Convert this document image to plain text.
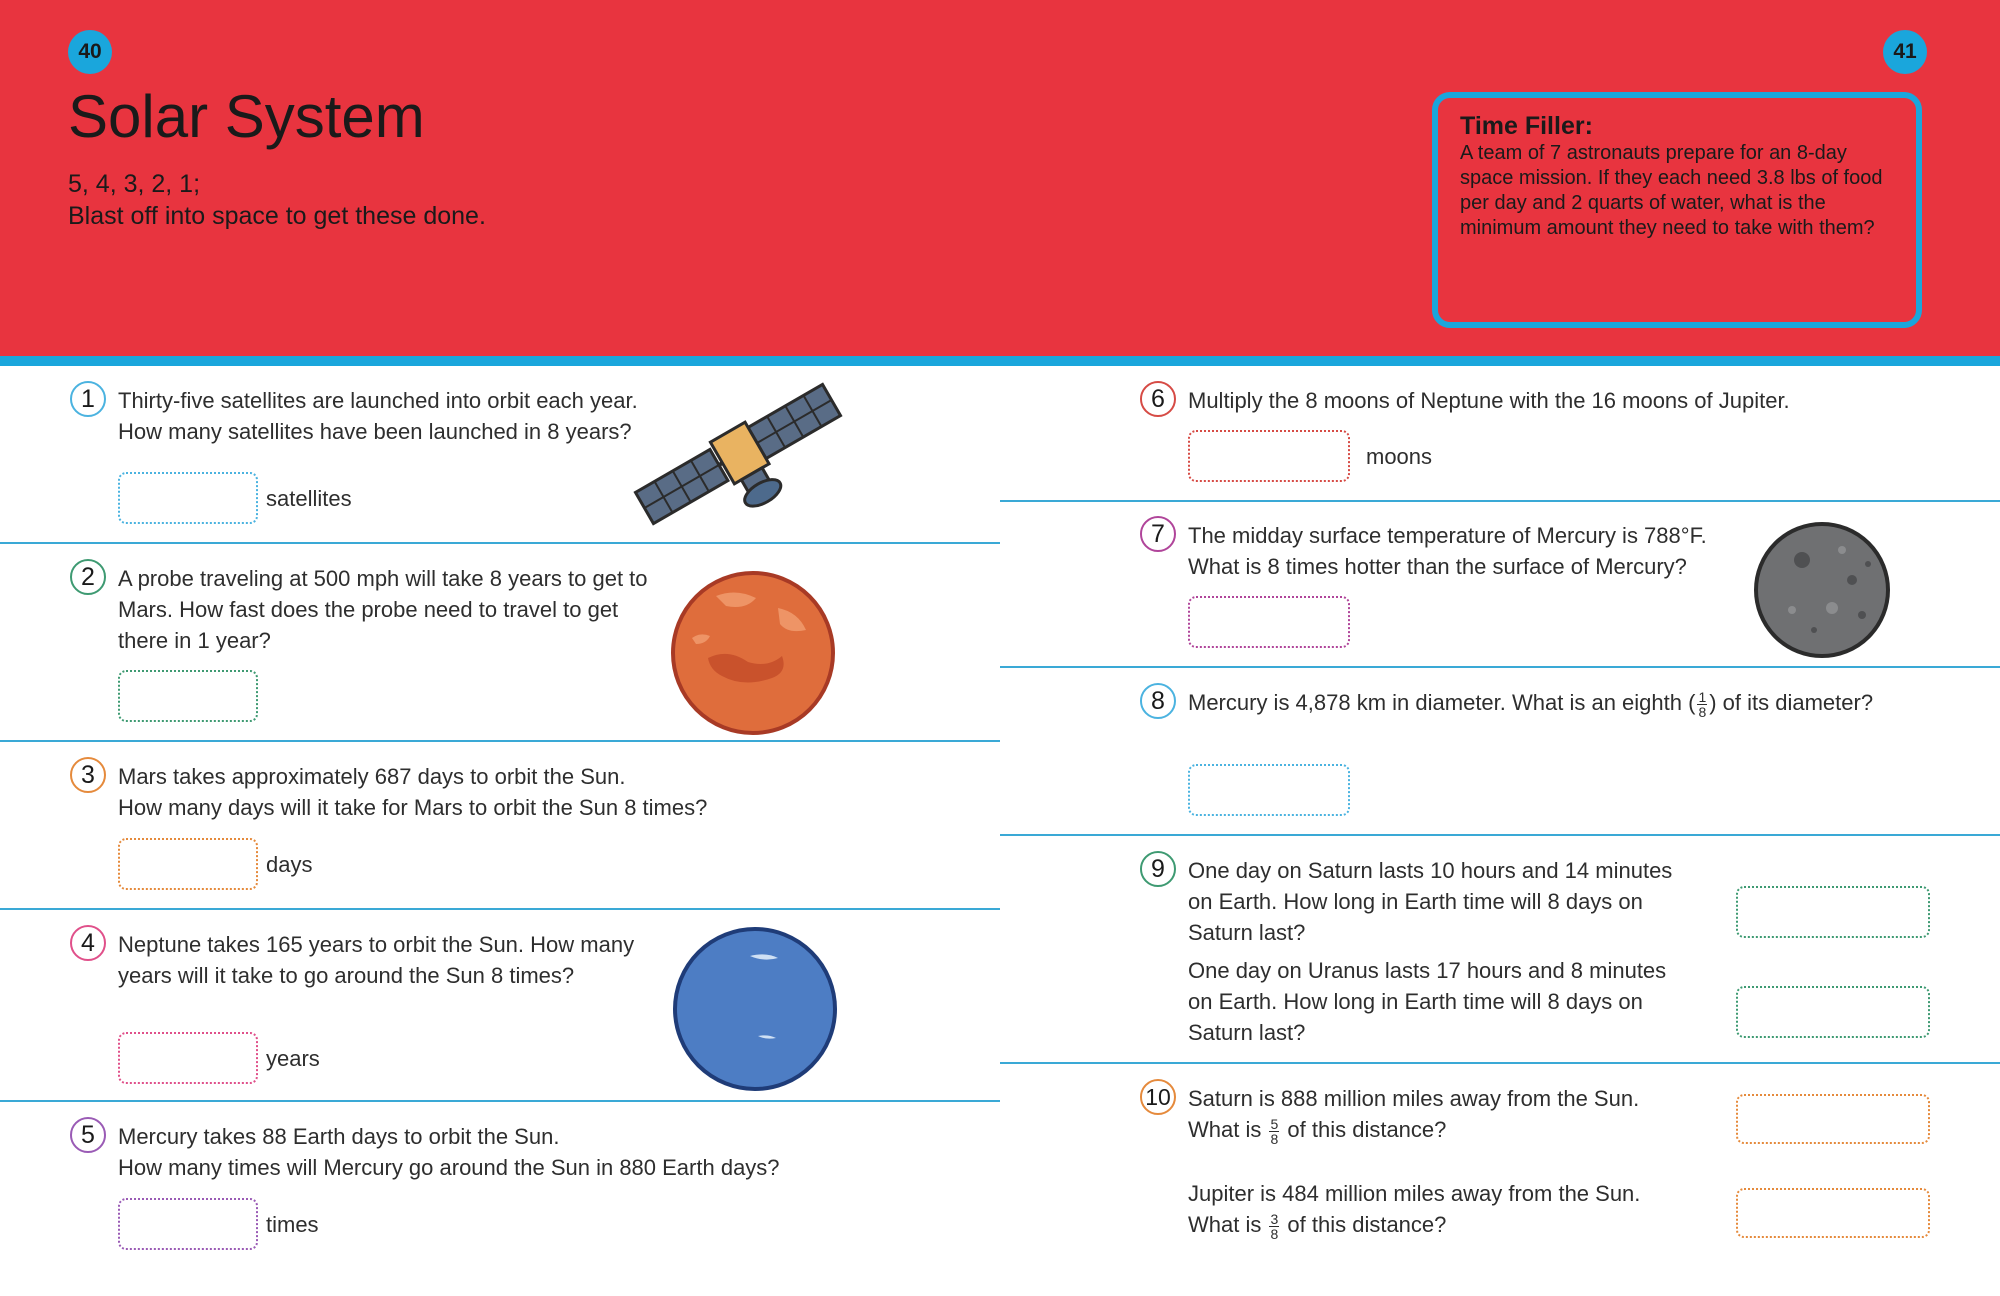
40	41
Solar System
5, 4, 3, 2, 1;
Blast off into space to get these done.
Time Filler:
A team of 7 astronauts prepare for an 8-day space mission. If they each need 3.8 lbs of food per day and 2 quarts of water, what is the minimum amount they need to take with them?
1	Thirty-five satellites are launched into orbit each year.
How many satellites have been launched in 8 years?
satellites
2	A probe traveling at 500 mph will take 8 years to get to
Mars. How fast does the probe need to travel to get
there in 1 year?
3	Mars takes approximately 687 days to orbit the Sun.
How many days will it take for Mars to orbit the Sun 8 times?
days
4	Neptune takes 165 years to orbit the Sun. How many
years will it take to go around the Sun 8 times?
years
5	Mercury takes 88 Earth days to orbit the Sun.
How many times will Mercury go around the Sun in 880 Earth days?
times
6	Multiply the 8 moons of Neptune with the 16 moons of Jupiter.
moons
7	The midday surface temperature of Mercury is 788°F.
What is 8 times hotter than the surface of Mercury?
8	Mercury is 4,878 km in diameter. What is an eighth ( $\frac{1}{8}$ ) of its diameter?
9	One day on Saturn lasts 10 hours and 14 minutes
on Earth. How long in Earth time will 8 days on
Saturn last?
One day on Uranus lasts 17 hours and 8 minutes
on Earth. How long in Earth time will 8 days on
Saturn last?
10 Saturn is 888 million miles away from the Sun.
What is $\frac{5}{8}$ of this distance?
Jupiter is 484 million miles away from the Sun.
What is $\frac{3}{8}$ of this distance?
